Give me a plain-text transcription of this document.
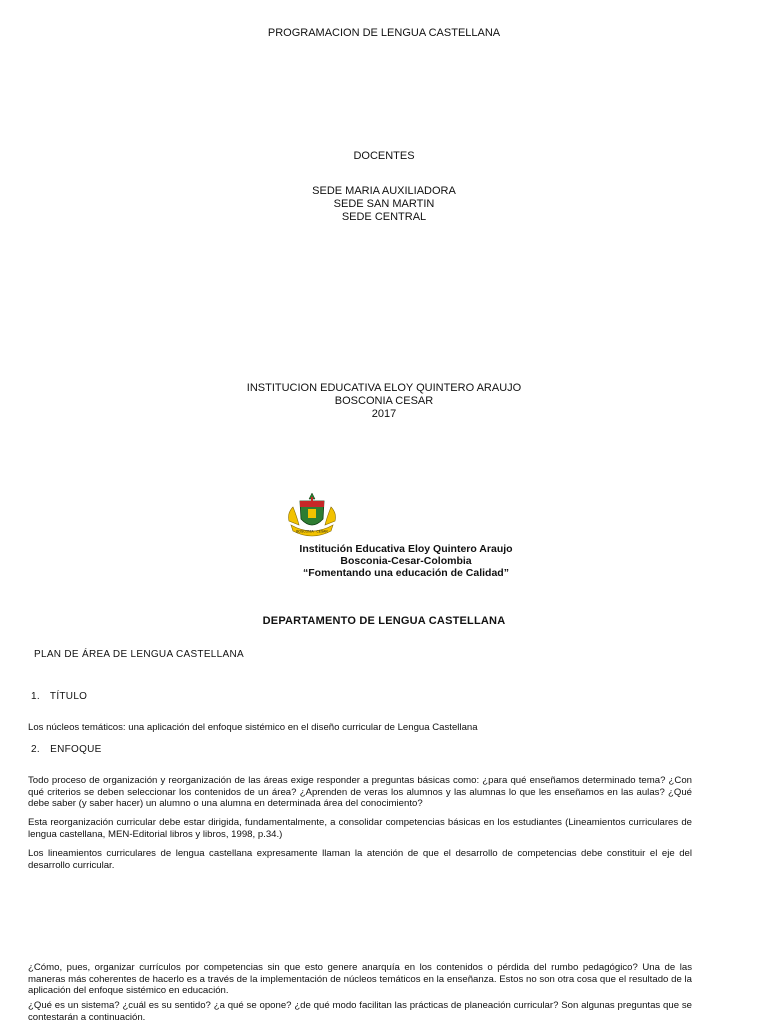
PROGRAMACION DE LENGUA CASTELLANA
DOCENTES
SEDE MARIA AUXILIADORA
SEDE SAN MARTIN
SEDE CENTRAL
INSTITUCION EDUCATIVA ELOY QUINTERO ARAUJO
BOSCONIA CESAR
2017
BOSCONIA - CESAR
Institución Educativa Eloy Quintero Araujo
Bosconia-Cesar-Colombia
“Fomentando una educación de Calidad”
DEPARTAMENTO DE LENGUA CASTELLANA
PLAN DE ÁREA DE LENGUA CASTELLANA
1. TÍTULO

Los núcleos temáticos: una aplicación del enfoque sistémico en el diseño curricular de Lengua Castellana

2. ENFOQUE

Todo proceso de organización y reorganización de las áreas exige responder a preguntas básicas como: ¿para qué enseñamos determinado tema? ¿Con qué criterios se deben seleccionar los contenidos de un área? ¿Aprenden de veras los alumnos y las alumnas lo que les enseñamos en las aulas? ¿Qué debe saber (y saber hacer) un alumno o una alumna en determinada área del conocimiento?

Esta reorganización curricular debe estar dirigida, fundamentalmente, a consolidar competencias básicas en los estudiantes (Lineamientos curriculares de lengua castellana, MEN-Editorial libros y libros, 1998, p.34.)

Los lineamientos curriculares de lengua castellana expresamente llaman la atención de que el desarrollo de competencias debe constituir el eje del desarrollo curricular.

¿Cómo, pues, organizar currículos por competencias sin que esto genere anarquía en los contenidos o pérdida del rumbo pedagógico? Una de las maneras más coherentes de hacerlo es a través de la implementación de núcleos temáticos en la enseñanza. Estos no son otra cosa que el resultado de la aplicación del enfoque sistémico en educación.

¿Qué es un sistema? ¿cuál es su sentido? ¿a qué se opone? ¿de qué modo facilitan las prácticas de planeación curricular? Son algunas preguntas que se contestarán a continuación.
